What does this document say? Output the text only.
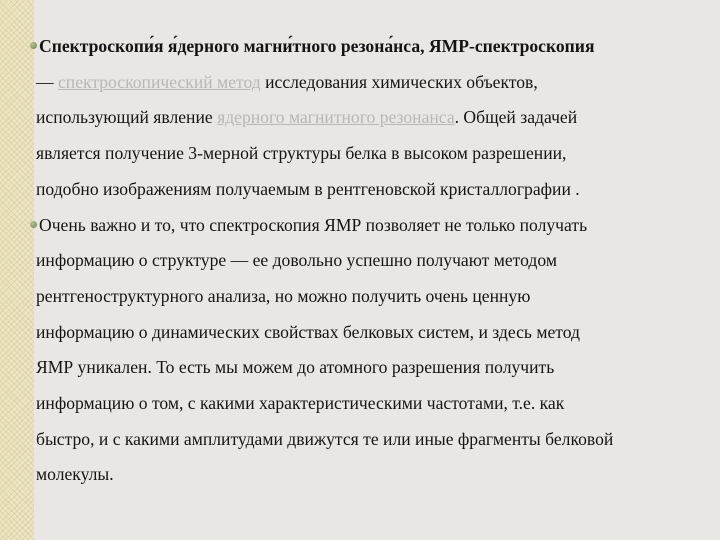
Спектроскопи́я я́дерного магни́тного резона́нса, ЯМР-спектроскопия

— спектроскопический метод исследования химических объектов,

использующий явление ядерного магнитного резонанса. Общей задачей

является получение 3-мерной структуры белка в высоком разрешении,

подобно изображениям получаемым в рентгеновской кристаллографии .

Очень важно и то, что спектроскопия ЯМР позволяет не только получать

информацию о структуре — ее довольно успешно получают методом

рентгеноструктурного анализа, но можно получить очень ценную

информацию о динамических свойствах белковых систем, и здесь метод

ЯМР уникален. То есть мы можем до атомного разрешения получить

информацию о том, с какими характеристическими частотами, т.е. как

быстро, и с какими амплитудами движутся те или иные фрагменты белковой

молекулы.
